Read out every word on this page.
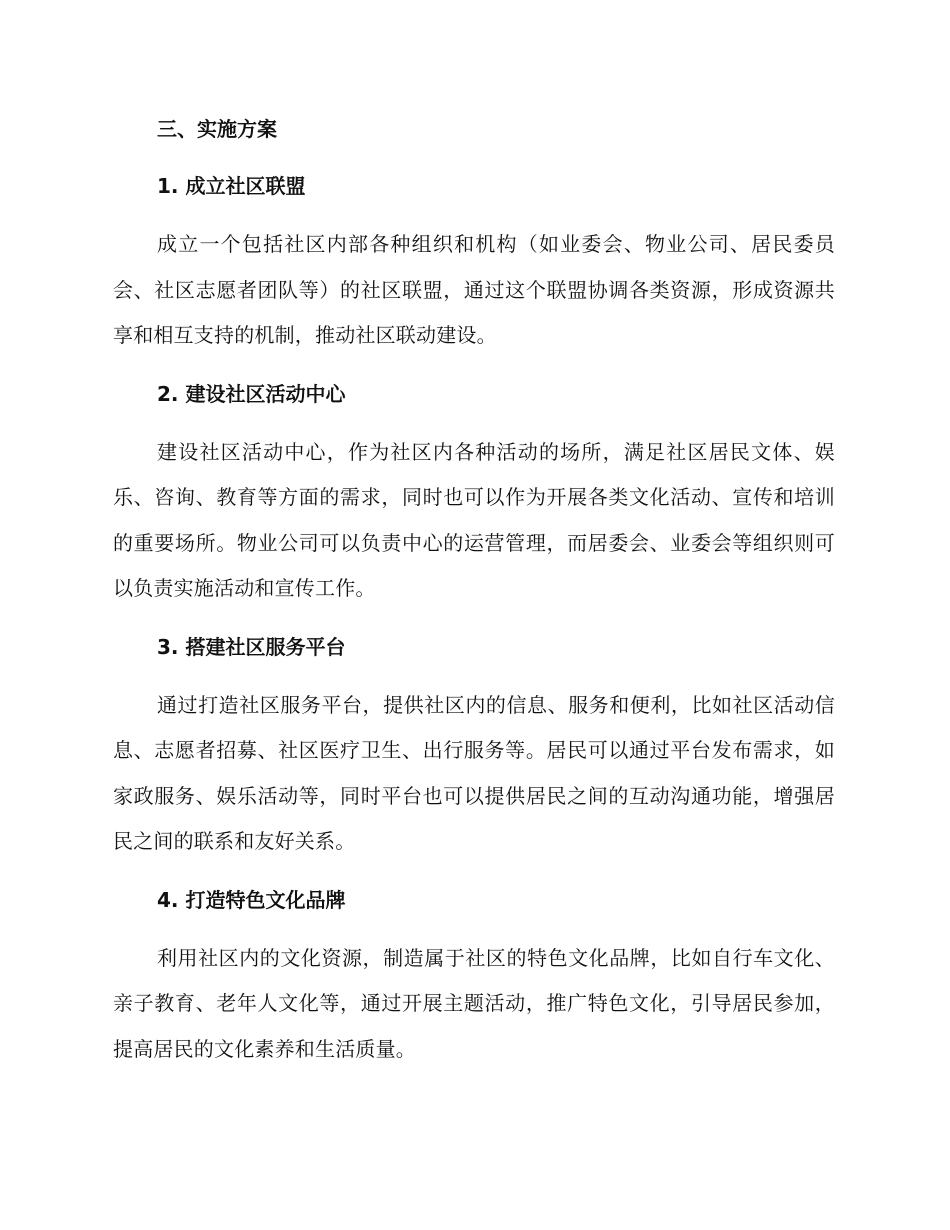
三、实施方案
1. 成立社区联盟

成立一个包括社区内部各种组织和机构（如业委会、物业公司、居民委员会、社区志愿者团队等）的社区联盟，通过这个联盟协调各类资源，形成资源共享和相互支持的机制，推动社区联动建设。

2. 建设社区活动中心

建设社区活动中心，作为社区内各种活动的场所，满足社区居民文体、娱乐、咨询、教育等方面的需求，同时也可以作为开展各类文化活动、宣传和培训的重要场所。物业公司可以负责中心的运营管理，而居委会、业委会等组织则可以负责实施活动和宣传工作。

3. 搭建社区服务平台

通过打造社区服务平台，提供社区内的信息、服务和便利，比如社区活动信息、志愿者招募、社区医疗卫生、出行服务等。居民可以通过平台发布需求，如家政服务、娱乐活动等，同时平台也可以提供居民之间的互动沟通功能，增强居民之间的联系和友好关系。

4. 打造特色文化品牌

利用社区内的文化资源，制造属于社区的特色文化品牌，比如自行车文化、亲子教育、老年人文化等，通过开展主题活动，推广特色文化，引导居民参加，提高居民的文化素养和生活质量。
